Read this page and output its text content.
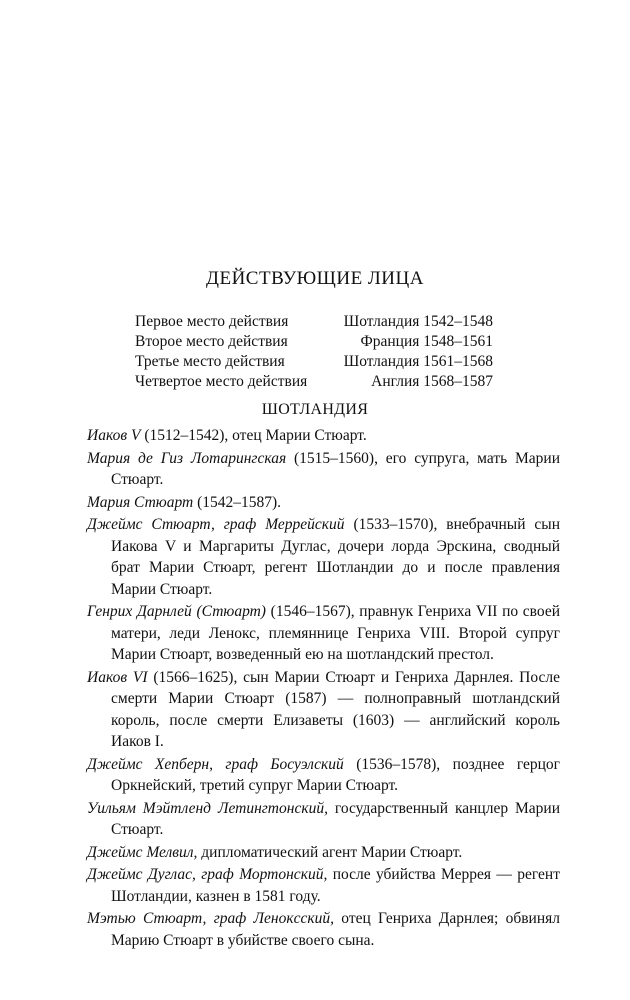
ДЕЙСТВУЮЩИЕ ЛИЦА
Первое место действия	Шотландия 1542–1548
Второе место действия	Франция 1548–1561
Третье место действия	Шотландия 1561–1568
Четвертое место действия	Англия 1568–1587
ШОТЛАНДИЯ

Иаков V (1512–1542), отец Марии Стюарт.

Мария де Гиз Лотарингская (1515–1560), его супруга, мать Марии Стюарт.

Мария Стюарт (1542–1587).

Джеймс Стюарт, граф Меррейский (1533–1570), внебрачный сын Иакова V и Маргариты Дуглас, дочери лорда Эрскина, сводный брат Марии Стюарт, регент Шотландии до и после правления Марии Стюарт.

Генрих Дарнлей (Стюарт) (1546–1567), правнук Генриха VII по своей матери, леди Ленокс, племяннице Генриха VIII. Второй супруг Марии Стюарт, возведенный ею на шотландский престол.

Иаков VI (1566–1625), сын Марии Стюарт и Генриха Дарнлея. После смерти Марии Стюарт (1587) — полноправный шотландский король, после смерти Елизаветы (1603) — английский король Иаков I.

Джеймс Хепберн, граф Босуэлский (1536–1578), позднее герцог Оркнейский, третий супруг Марии Стюарт.

Уильям Мэйтленд Летингтонский, государственный канцлер Марии Стюарт.

Джеймс Мелвил, дипломатический агент Марии Стюарт.

Джеймс Дуглас, граф Мортонский, после убийства Меррея — регент Шотландии, казнен в 1581 году.

Мэтью Стюарт, граф Ленокcский, отец Генриха Дарнлея; обвинял Марию Стюарт в убийстве своего сына.
